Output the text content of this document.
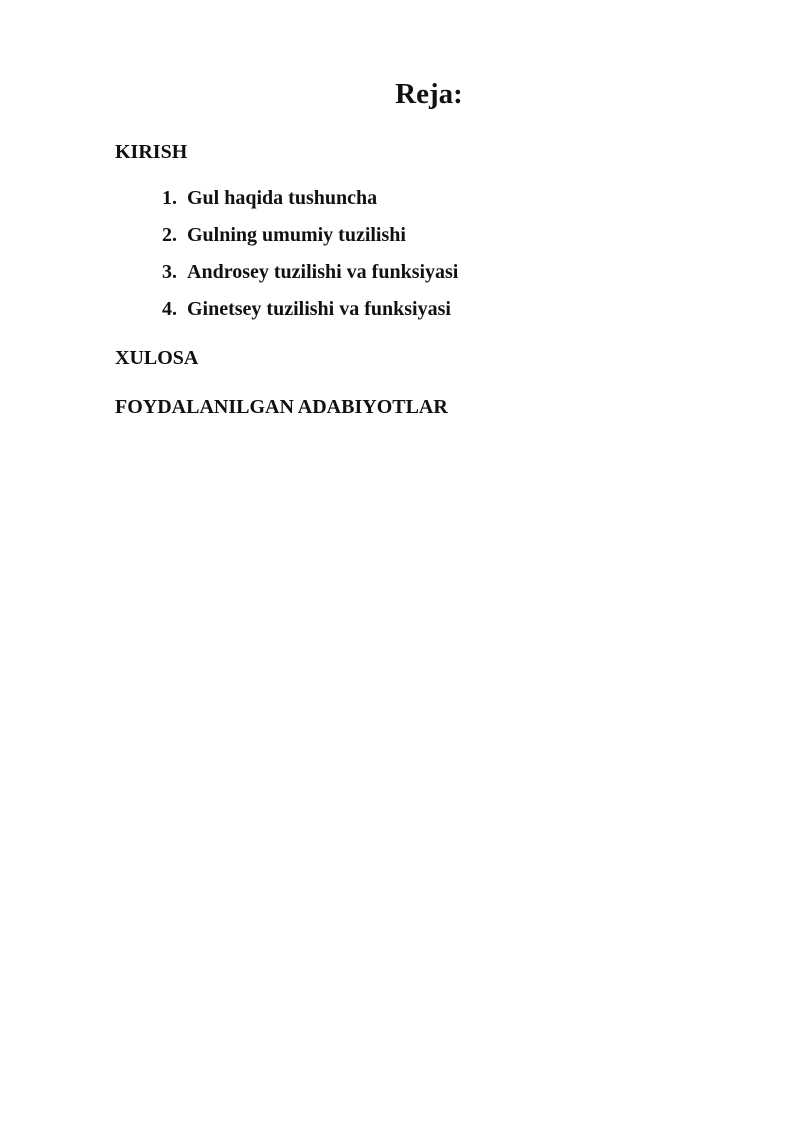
Reja:
KIRISH
1. Gul haqida tushuncha
2. Gulning umumiy tuzilishi
3. Androsey tuzilishi va funksiyasi
4. Ginetsey tuzilishi va funksiyasi
XULOSA
FOYDALANILGAN ADABIYOTLAR
